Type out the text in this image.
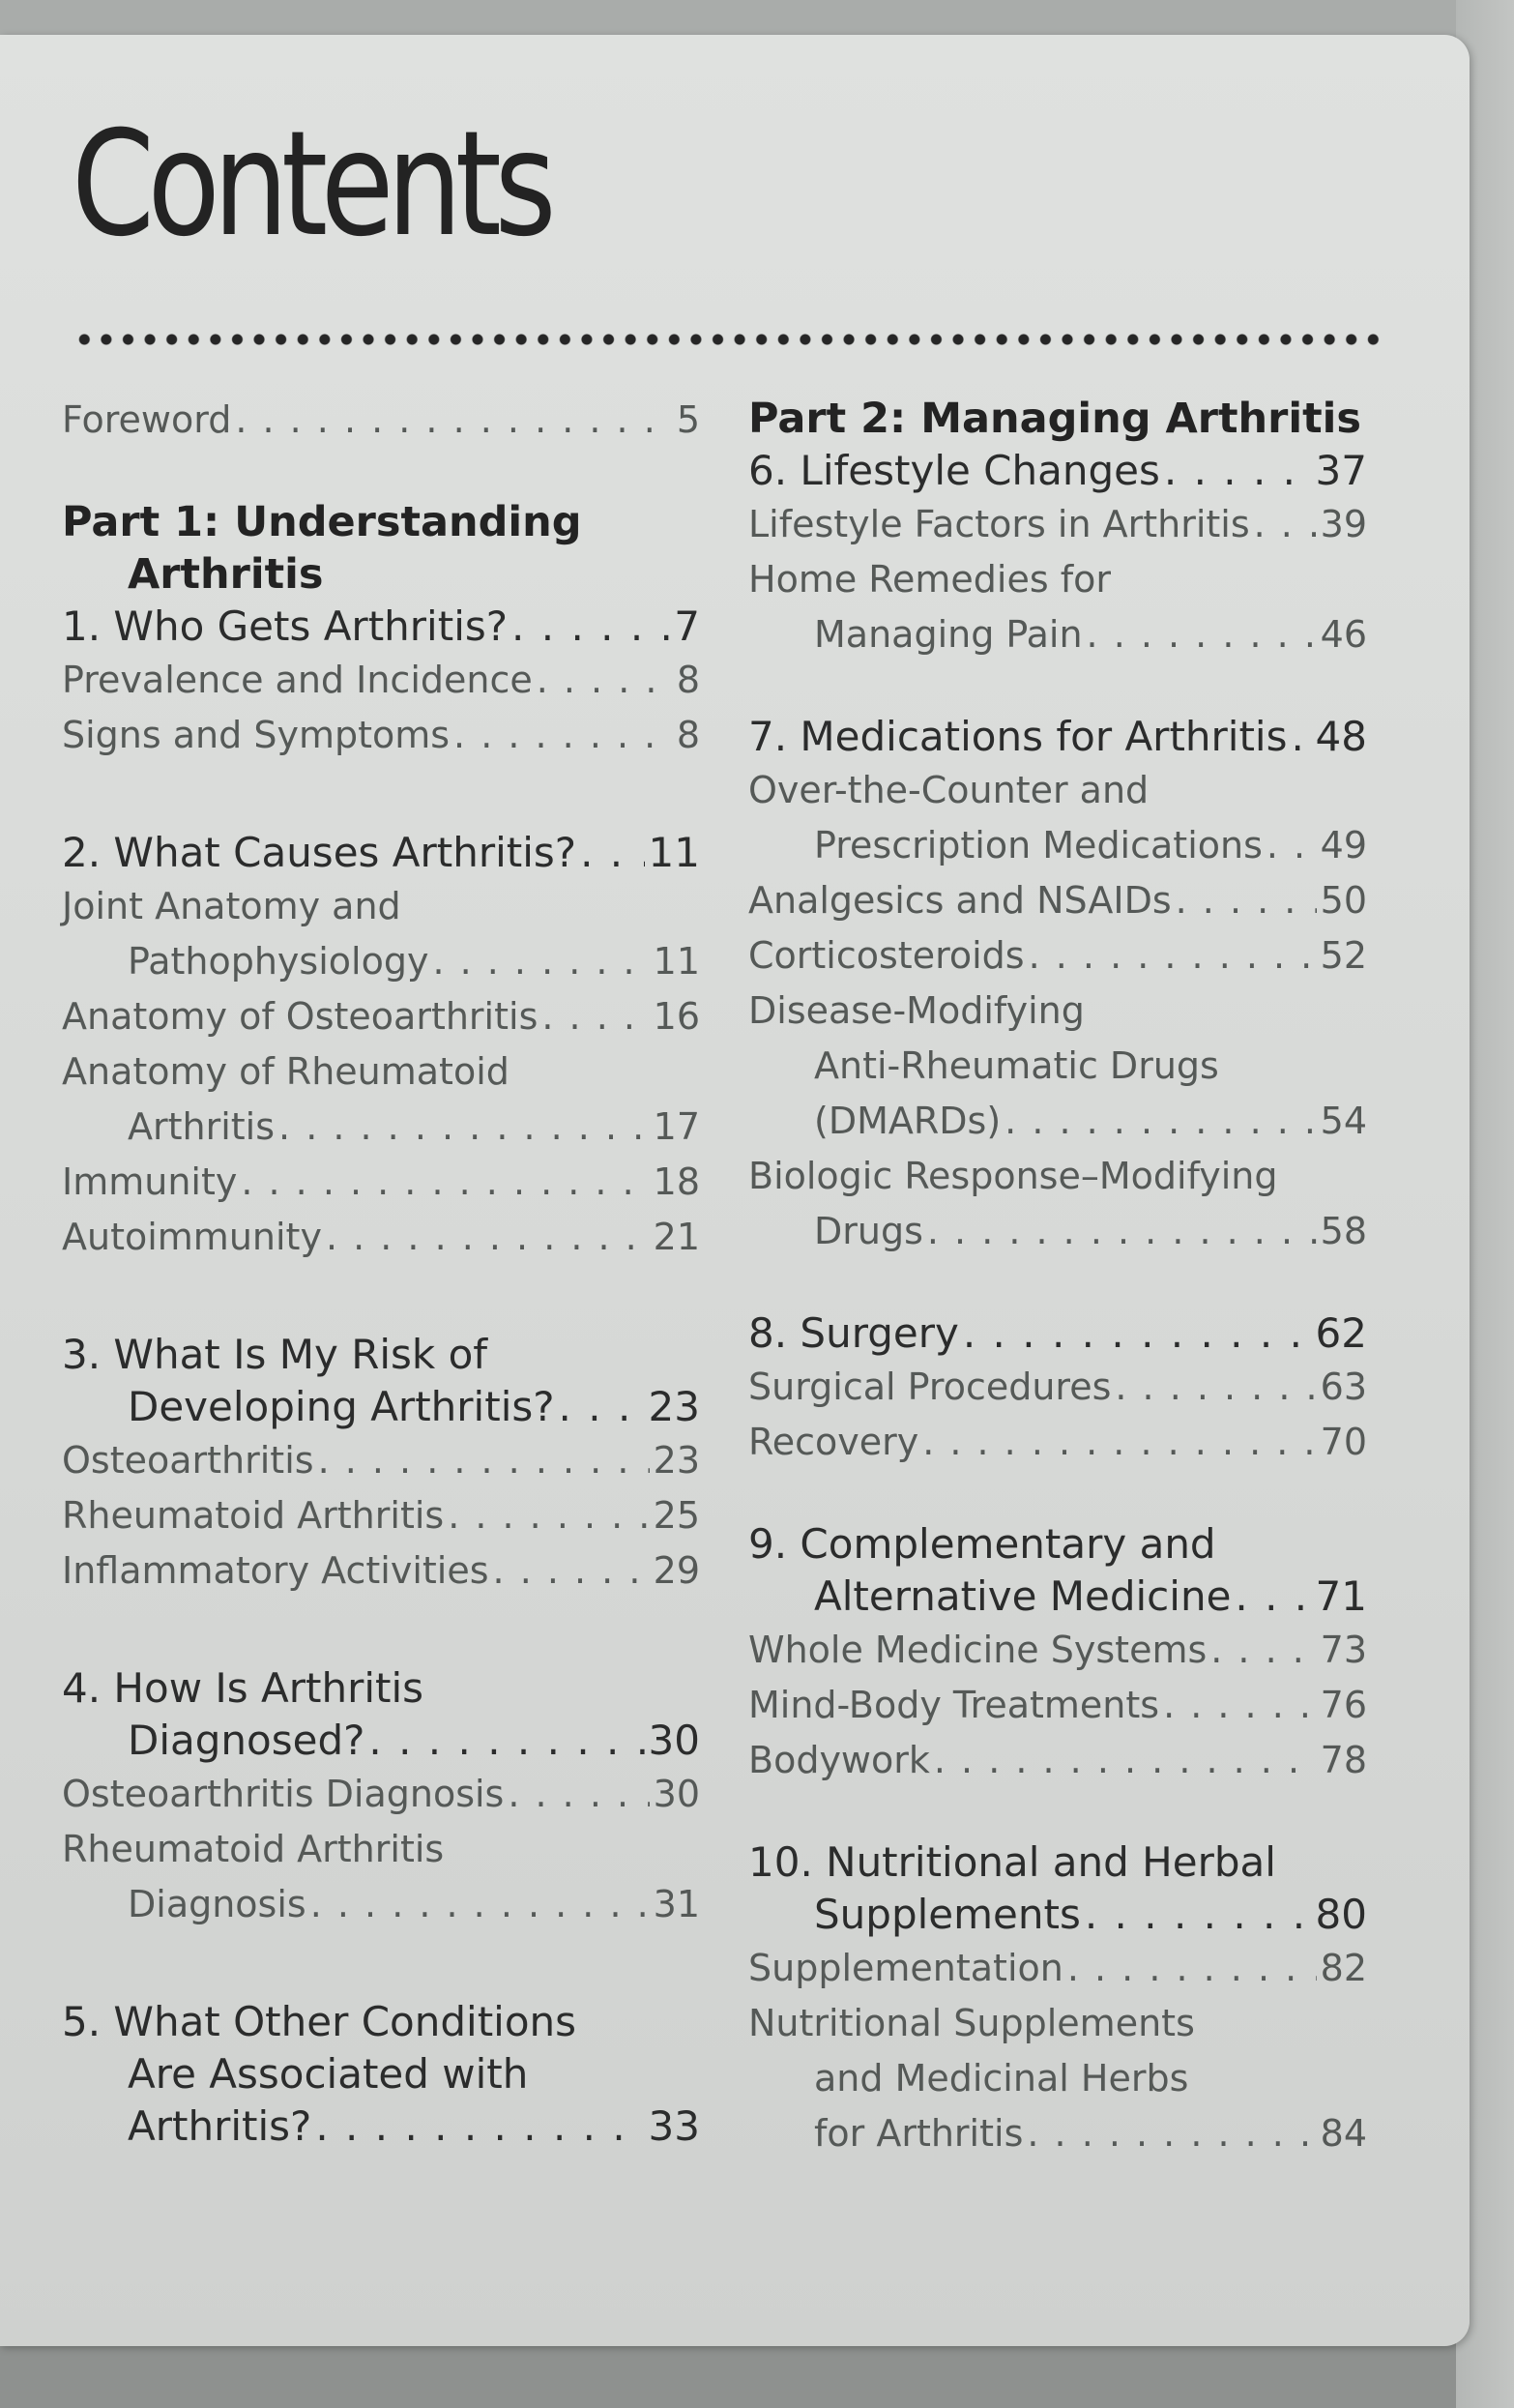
Contents
Foreword . . .	5
Part 1: Understanding
Arthritis
1. Who Gets Arthritis? . . .	7
Prevalence and Incidence . . .	8
Signs and Symptoms . . .	8
2. What Causes Arthritis? . . . 11
Joint Anatomy and
Pathophysiology . . .	11
Anatomy of Osteoarthritis . . .	16
Anatomy of Rheumatoid
Arthritis . . .	17
Immunity . . .	18
Autoimmunity . . .	21
3. What Is My Risk of
Developing Arthritis? . . . 23
Osteoarthritis . . .	23
Rheumatoid Arthritis . . .	25
Inflammatory Activities . . .	29
4. How Is Arthritis
Diagnosed? . . .	30
Osteoarthritis Diagnosis . . .	30
Rheumatoid Arthritis
Diagnosis . . .	31
5. What Other Conditions
Are Associated with
Arthritis? . . .	33
Part 2: Managing Arthritis
6. Lifestyle Changes . . .	37
Lifestyle Factors in Arthritis . . . 39
Home Remedies for
Managing Pain . . .	46
7. Medications for Arthritis . . . 48
Over-the-Counter and
Prescription Medications . . . 49
Analgesics and NSAIDs . . .	50
Corticosteroids . . .	52
Disease-Modifying
Anti-Rheumatic Drugs
(DMARDs) . . .	54
Biologic Response–Modifying
Drugs . . .	58
8. Surgery . . .	62
Surgical Procedures . . .	63
Recovery . . .	70
9. Complementary and
Alternative Medicine . . . 71
Whole Medicine Systems . . .	73
Mind-Body Treatments . . .	76
Bodywork . . .	78
10. Nutritional and Herbal
Supplements . . .	80
Supplementation . . .	82
Nutritional Supplements
and Medicinal Herbs
for Arthritis . . .	84
